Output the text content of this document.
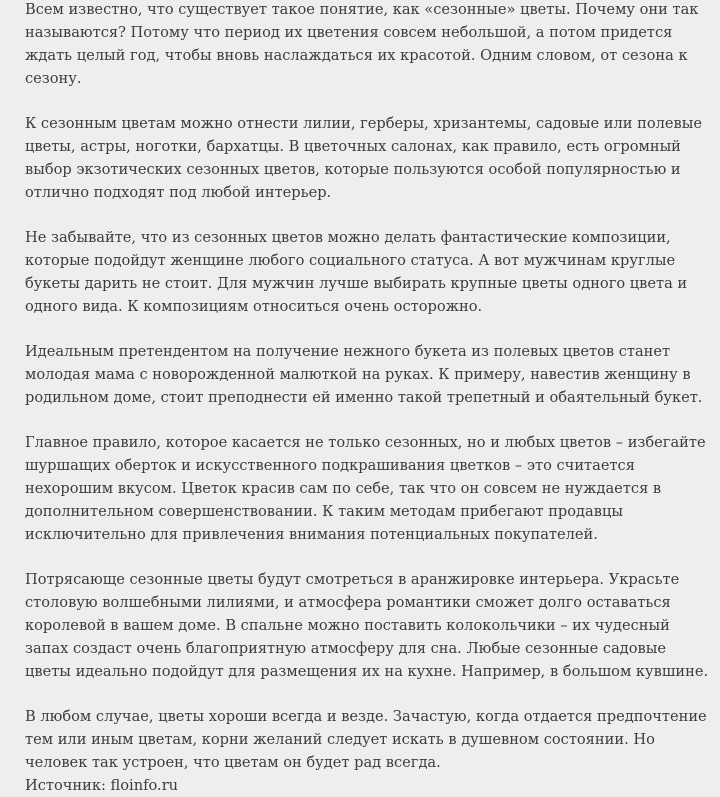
Всем известно, что существует такое понятие, как «сезонные» цветы. Почему они так называются? Потому что период их цветения совсем небольшой, а потом придется ждать целый год, чтобы вновь наслаждаться их красотой. Одним словом, от сезона к сезону.

К сезонным цветам можно отнести лилии, герберы, хризантемы, садовые или полевые цветы, астры, ноготки, бархатцы. В цветочных салонах, как правило, есть огромный выбор экзотических сезонных цветов, которые пользуются особой популярностью и отлично подходят под любой интерьер.

Не забывайте, что из сезонных цветов можно делать фантастические композиции, которые подойдут женщине любого социального статуса. А вот мужчинам круглые букеты дарить не стоит. Для мужчин лучше выбирать крупные цветы одного цвета и одного вида. К композициям относиться очень осторожно.

Идеальным претендентом на получение нежного букета из полевых цветов станет молодая мама с новорожденной малюткой на руках. К примеру, навестив женщину в родильном доме, стоит преподнести ей именно такой трепетный и обаятельный букет.

Главное правило, которое касается не только сезонных, но и любых цветов – избегайте шуршащих оберток и искусственного подкрашивания цветков – это считается нехорошим вкусом. Цветок красив сам по себе, так что он совсем не нуждается в дополнительном совершенствовании. К таким методам прибегают продавцы исключительно для привлечения внимания потенциальных покупателей.

Потрясающе сезонные цветы будут смотреться в аранжировке интерьера. Украсьте столовую волшебными лилиями, и атмосфера романтики сможет долго оставаться королевой в вашем доме. В спальне можно поставить колокольчики – их чудесный запах создаст очень благоприятную атмосферу для сна. Любые сезонные садовые цветы идеально подойдут для размещения их на кухне. Например, в большом кувшине.

В любом случае, цветы хороши всегда и везде. Зачастую, когда отдается предпочтение тем или иным цветам, корни желаний следует искать в душевном состоянии. Но человек так устроен, что цветам он будет рад всегда.

Источник: floinfo.ru
